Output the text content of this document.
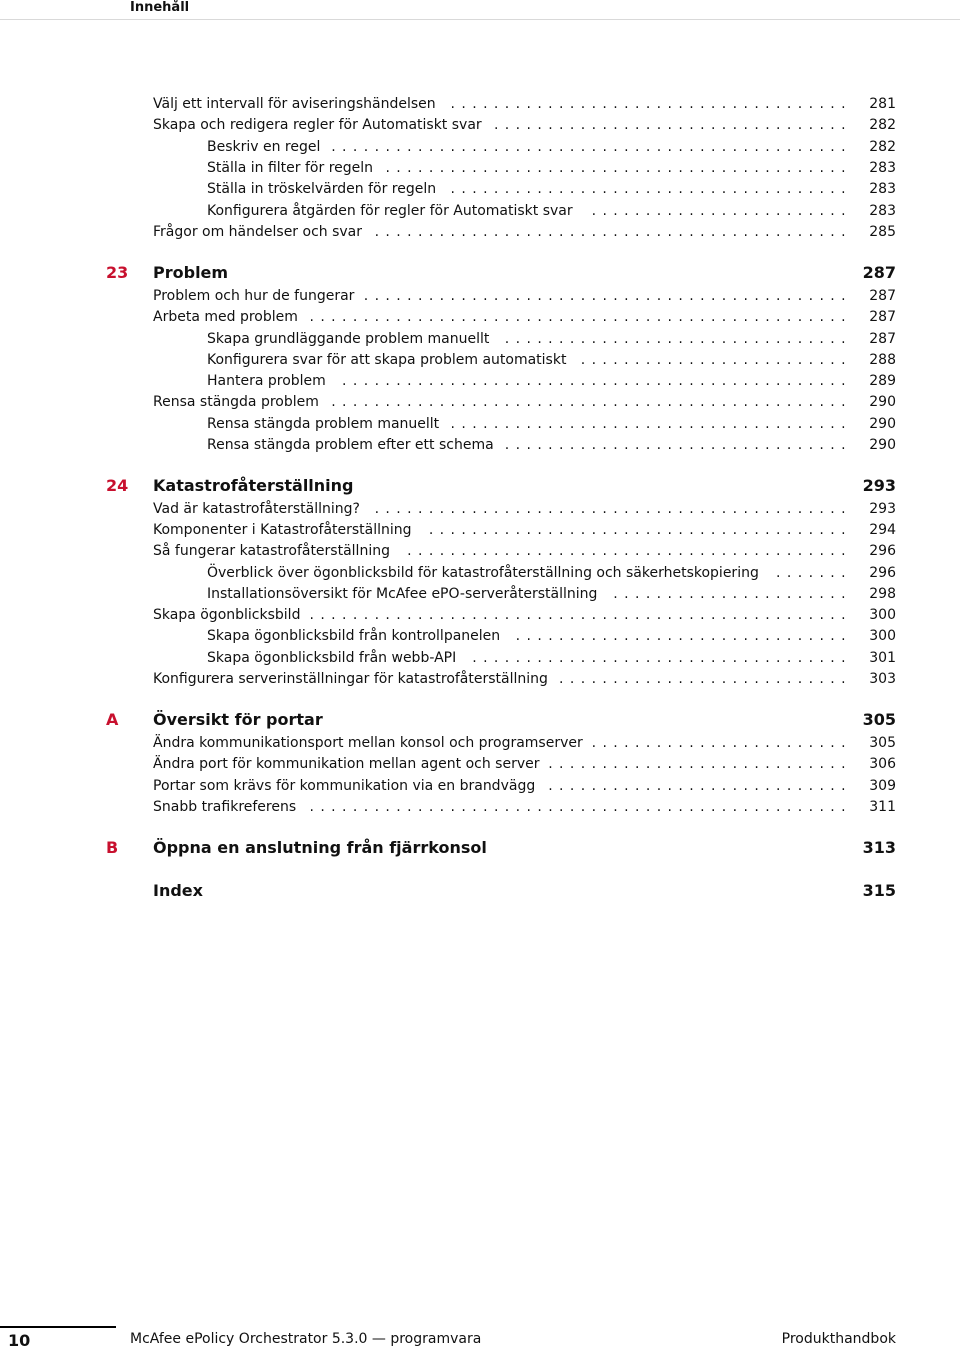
Innehåll
Välj ett intervall för aviseringshändelsen	.....................................	281
Skapa och redigera regler för Automatiskt svar .................................	282
Beskriv en regel ................................................	282
Ställa in filter för regeln ...........................................	283
Ställa in tröskelvärden för regeln	.....................................	283
Konfigurera åtgärden för regler för Automatiskt svar	........................	283
Frågor om händelser och svar ............................................	285
23 Problem	287
Problem och hur de fungerar .............................................	287
Arbeta med problem ..................................................	287
Skapa grundläggande problem manuellt	................................	287
Konfigurera svar för att skapa problem automatiskt	.........................	288
Hantera problem	...............................................	289
Rensa stängda problem ................................................	290
Rensa stängda problem manuellt .....................................	290
Rensa stängda problem efter ett schema ................................	290
24 Katastrofåterställning	293
Vad är katastrofåterställning?	............................................	293
Komponenter i Katastrofåterställning	.......................................	294
Så fungerar katastrofåterställning	.........................................	296
Överblick över ögonblicksbild för katastrofåterställning och säkerhetskopiering	.......	296
Installationsöversikt för McAfee ePO-serveråterställning	......................	298
Skapa ögonblicksbild ..................................................	300
Skapa ögonblicksbild från kontrollpanelen	...............................	300
Skapa ögonblicksbild från webb-API	...................................	301
Konfigurera serverinställningar för katastrofåterställning ...........................	303
A Översikt för portar	305
Ändra kommunikationsport mellan konsol och programserver ........................	305
Ändra port för kommunikation mellan agent och server ............................	306
Portar som krävs för kommunikation via en brandvägg ............................	309
Snabb trafikreferens ..................................................	311
B Öppna en anslutning från fjärrkonsol	313
Index	315
10	McAfee ePolicy Orchestrator 5.3.0 — programvara	Produkthandbok
